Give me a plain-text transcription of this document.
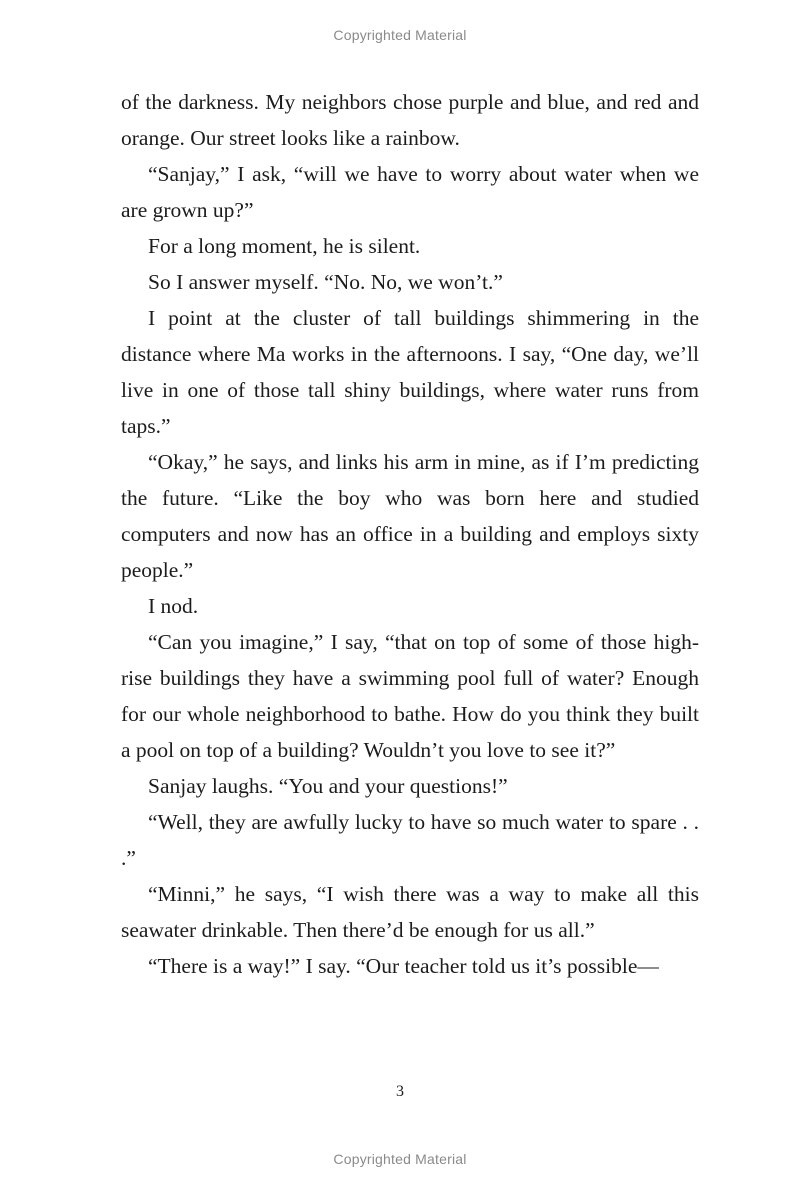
Copyrighted Material

of the darkness. My neighbors chose purple and blue, and red and orange. Our street looks like a rainbow.

“Sanjay,” I ask, “will we have to worry about water when we are grown up?”

For a long moment, he is silent.

So I answer myself. “No. No, we won’t.”

I point at the cluster of tall buildings shimmering in the distance where Ma works in the afternoons. I say, “One day, we’ll live in one of those tall shiny buildings, where water runs from taps.”

“Okay,” he says, and links his arm in mine, as if I’m predicting the future. “Like the boy who was born here and studied computers and now has an office in a building and employs sixty people.”

I nod.

“Can you imagine,” I say, “that on top of some of those high-rise buildings they have a swimming pool full of water? Enough for our whole neighborhood to bathe. How do you think they built a pool on top of a building? Wouldn’t you love to see it?”

Sanjay laughs. “You and your questions!”

“Well, they are awfully lucky to have so much water to spare . . .”

“Minni,” he says, “I wish there was a way to make all this seawater drinkable. Then there’d be enough for us all.”

“There is a way!” I say. “Our teacher told us it’s possible—

3
Copyrighted Material
